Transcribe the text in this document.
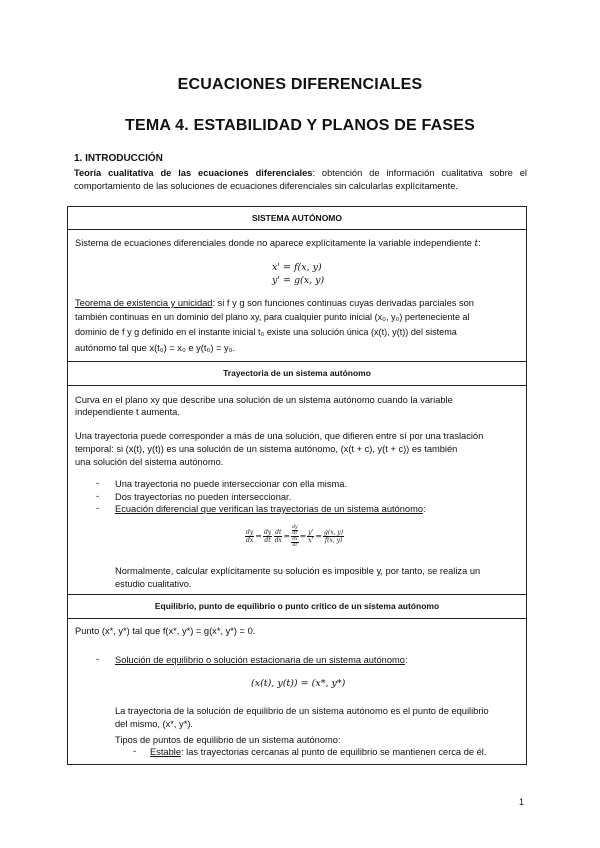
ECUACIONES DIFERENCIALES
TEMA 4. ESTABILIDAD Y PLANOS DE FASES
1. INTRODUCCIÓN
Teoría cualitativa de las ecuaciones diferenciales: obtención de información cualitativa sobre el comportamiento de las soluciones de ecuaciones diferenciales sin calcularlas explícitamente.
SISTEMA AUTÓNOMO
Sistema de ecuaciones diferenciales donde no aparece explícitamente la variable independiente t:
x' = f(x, y)
y' = g(x, y)
Teorema de existencia y unicidad: si f y g son funciones continuas cuyas derivadas parciales son
también continuas en un dominio del plano xy, para cualquier punto inicial (x₀, y₀) perteneciente al
dominio de f y g definido en el instante inicial t₀ existe una solución única (x(t), y(t)) del sistema
autónomo tal que x(t₀) = x₀ e y(t₀) = y₀.
Trayectoria de un sistema autónomo
Curva en el plano xy que describe una solución de un sistema autónomo cuando la variable
independiente t aumenta.
Una trayectoria puede corresponder a más de una solución, que difieren entre sí por una traslación
temporal: si (x(t), y(t)) es una solución de un sistema autónomo, (x(t + c), y(t + c)) es también
una solución del sistema autónomo.
- Una trayectoria no puede interseccionar con ella misma.
- Dos trayectorias no pueden interseccionar.
- Ecuación diferencial que verifican las trayectorias de un sistema autónomo:
$\frac{dy}{dx} = \frac{dy}{dt} \frac{dt}{dx}$ = dy
dt
dx
dt = $\frac{y'}{x'} = \frac{g(x, y)}{f(x, y)}$
Normalmente, calcular explícitamente su solución es imposible y, por tanto, se realiza un
estudio cualitativo.
Equilibrio, punto de equilibrio o punto crítico de un sistema autónomo
Punto (x*, y*) tal que f(x*, y*) = g(x*, y*) = 0.
- Solución de equilibrio o solución estacionaria de un sistema autónomo:
(x(t), y(t)) = (x*, y*)
La trayectoria de la solución de equilibrio de un sistema autónomo es el punto de equilibrio
del mismo, (x*, y*).
Tipos de puntos de equilibrio de un sistema autónomo:
- Estable: las trayectorias cercanas al punto de equilibrio se mantienen cerca de él.
1
